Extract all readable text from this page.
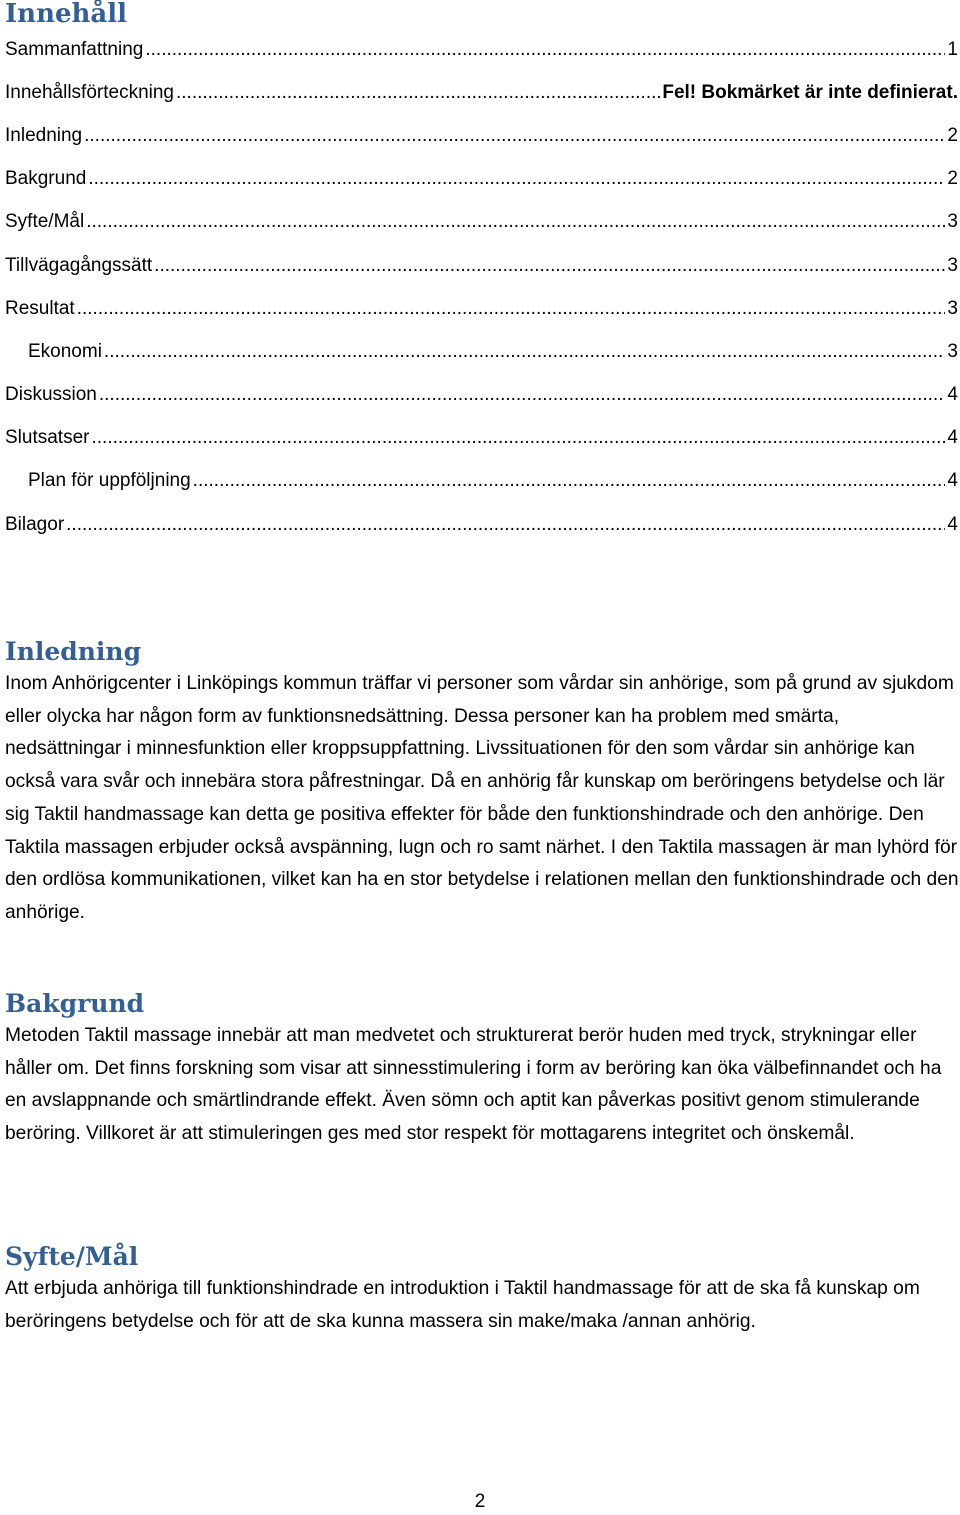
Innehåll
Sammanfattning .....	1
Innehållsförteckning .....	Fel! Bokmärket är inte definierat.
Inledning .....	2
Bakgrund .....	2
Syfte/Mål .....	3
Tillvägagångssätt .....	3
Resultat .....	3
Ekonomi .....	3
Diskussion .....	4
Slutsatser .....	4
Plan för uppföljning .....	4
Bilagor .....	4
Inledning

Inom Anhörigcenter i Linköpings kommun träffar vi personer som vårdar sin anhörige, som på grund av sjukdom eller olycka har någon form av funktionsnedsättning. Dessa personer kan ha problem med smärta, nedsättningar i minnesfunktion eller kroppsuppfattning. Livssituationen för den som vårdar sin anhörige kan också vara svår och innebära stora påfrestningar. Då en anhörig får kunskap om beröringens betydelse och lär sig Taktil handmassage kan detta ge positiva effekter för både den funktionshindrade och den anhörige. Den Taktila massagen erbjuder också avspänning, lugn och ro samt närhet. I den Taktila massagen är man lyhörd för den ordlösa kommunikationen, vilket kan ha en stor betydelse i relationen mellan den funktionshindrade och den anhörige.

Bakgrund

Metoden Taktil massage innebär att man medvetet och strukturerat berör huden med tryck, strykningar eller håller om. Det finns forskning som visar att sinnesstimulering i form av beröring kan öka välbefinnandet och ha en avslappnande och smärtlindrande effekt. Även sömn och aptit kan påverkas positivt genom stimulerande beröring. Villkoret är att stimuleringen ges med stor respekt för mottagarens integritet och önskemål.

Syfte/Mål

Att erbjuda anhöriga till funktionshindrade en introduktion i Taktil handmassage för att de ska få kunskap om beröringens betydelse och för att de ska kunna massera sin make/maka /annan anhörig.

2
